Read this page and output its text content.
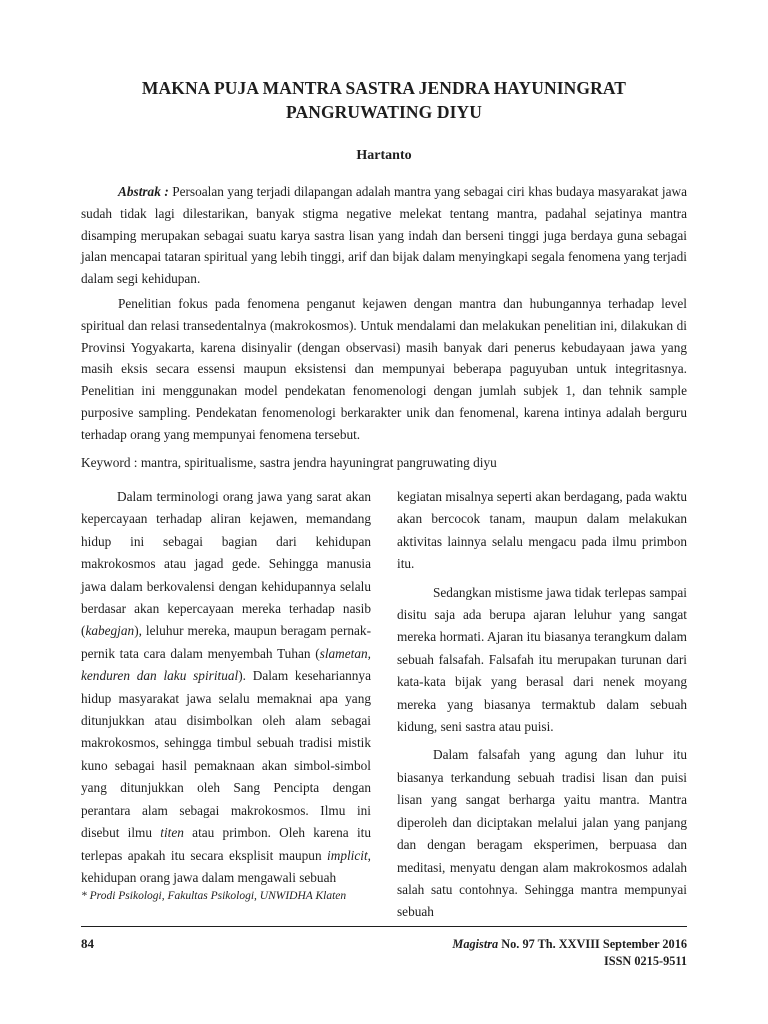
MAKNA PUJA MANTRA SASTRA JENDRA HAYUNINGRAT
PANGRUWATING DIYU
Hartanto

Abstrak : Persoalan yang terjadi dilapangan adalah mantra yang sebagai ciri khas budaya masyarakat jawa sudah tidak lagi dilestarikan, banyak stigma negative melekat tentang mantra, padahal sejatinya mantra disamping merupakan sebagai suatu karya sastra lisan yang indah dan berseni tinggi juga berdaya guna sebagai jalan mencapai tataran spiritual yang lebih tinggi, arif dan bijak dalam menyingkapi segala fenomena yang terjadi dalam segi kehidupan.

Penelitian fokus pada fenomena penganut kejawen dengan mantra dan hubungannya terhadap level spiritual dan relasi transedentalnya (makrokosmos). Untuk mendalami dan melakukan penelitian ini, dilakukan di Provinsi Yogyakarta, karena disinyalir (dengan observasi) masih banyak dari penerus kebudayaan jawa yang masih eksis secara essensi maupun eksistensi dan mempunyai beberapa paguyuban untuk integritasnya. Penelitian ini menggunakan model pendekatan fenomenologi dengan jumlah subjek 1, dan tehnik sample purposive sampling. Pendekatan fenomenologi berkarakter unik dan fenomenal, karena intinya adalah berguru terhadap orang yang mempunyai fenomena tersebut.

Keyword : mantra, spiritualisme, sastra jendra hayuningrat pangruwating diyu

Dalam terminologi orang jawa yang sarat akan kepercayaan terhadap aliran kejawen, memandang hidup ini sebagai bagian dari kehidupan makrokosmos atau jagad gede. Sehingga manusia jawa dalam berkovalensi dengan kehidupannya selalu berdasar akan kepercayaan mereka terhadap nasib (kabegjan), leluhur mereka, maupun beragam pernak-pernik tata cara dalam menyembah Tuhan (slametan, kenduren dan laku spiritual). Dalam kesehariannya hidup masyarakat jawa selalu memaknai apa yang ditunjukkan atau disimbolkan oleh alam sebagai makrokosmos, sehingga timbul sebuah tradisi mistik kuno sebagai hasil pemaknaan akan simbol-simbol yang ditunjukkan oleh Sang Pencipta dengan perantara alam sebagai makrokosmos. Ilmu ini disebut ilmu titen atau primbon. Oleh karena itu terlepas apakah itu secara eksplisit maupun implicit, kehidupan orang jawa dalam mengawali sebuah

kegiatan misalnya seperti akan berdagang, pada waktu akan bercocok tanam, maupun dalam melakukan aktivitas lainnya selalu mengacu pada ilmu primbon itu.

Sedangkan mistisme jawa tidak terlepas sampai disitu saja ada berupa ajaran leluhur yang sangat mereka hormati. Ajaran itu biasanya terangkum dalam sebuah falsafah. Falsafah itu merupakan turunan dari kata-kata bijak yang berasal dari nenek moyang mereka yang biasanya termaktub dalam sebuah kidung, seni sastra atau puisi.

Dalam falsafah yang agung dan luhur itu biasanya terkandung sebuah tradisi lisan dan puisi lisan yang sangat berharga yaitu mantra. Mantra diperoleh dan diciptakan melalui jalan yang panjang dan dengan beragam eksperimen, berpuasa dan meditasi, menyatu dengan alam makrokosmos adalah salah satu contohnya. Sehingga mantra mempunyai sebuah

* Prodi Psikologi, Fakultas Psikologi, UNWIDHA Klaten
84	Magistra No. 97 Th. XXVIII September 2016
ISSN 0215-9511
